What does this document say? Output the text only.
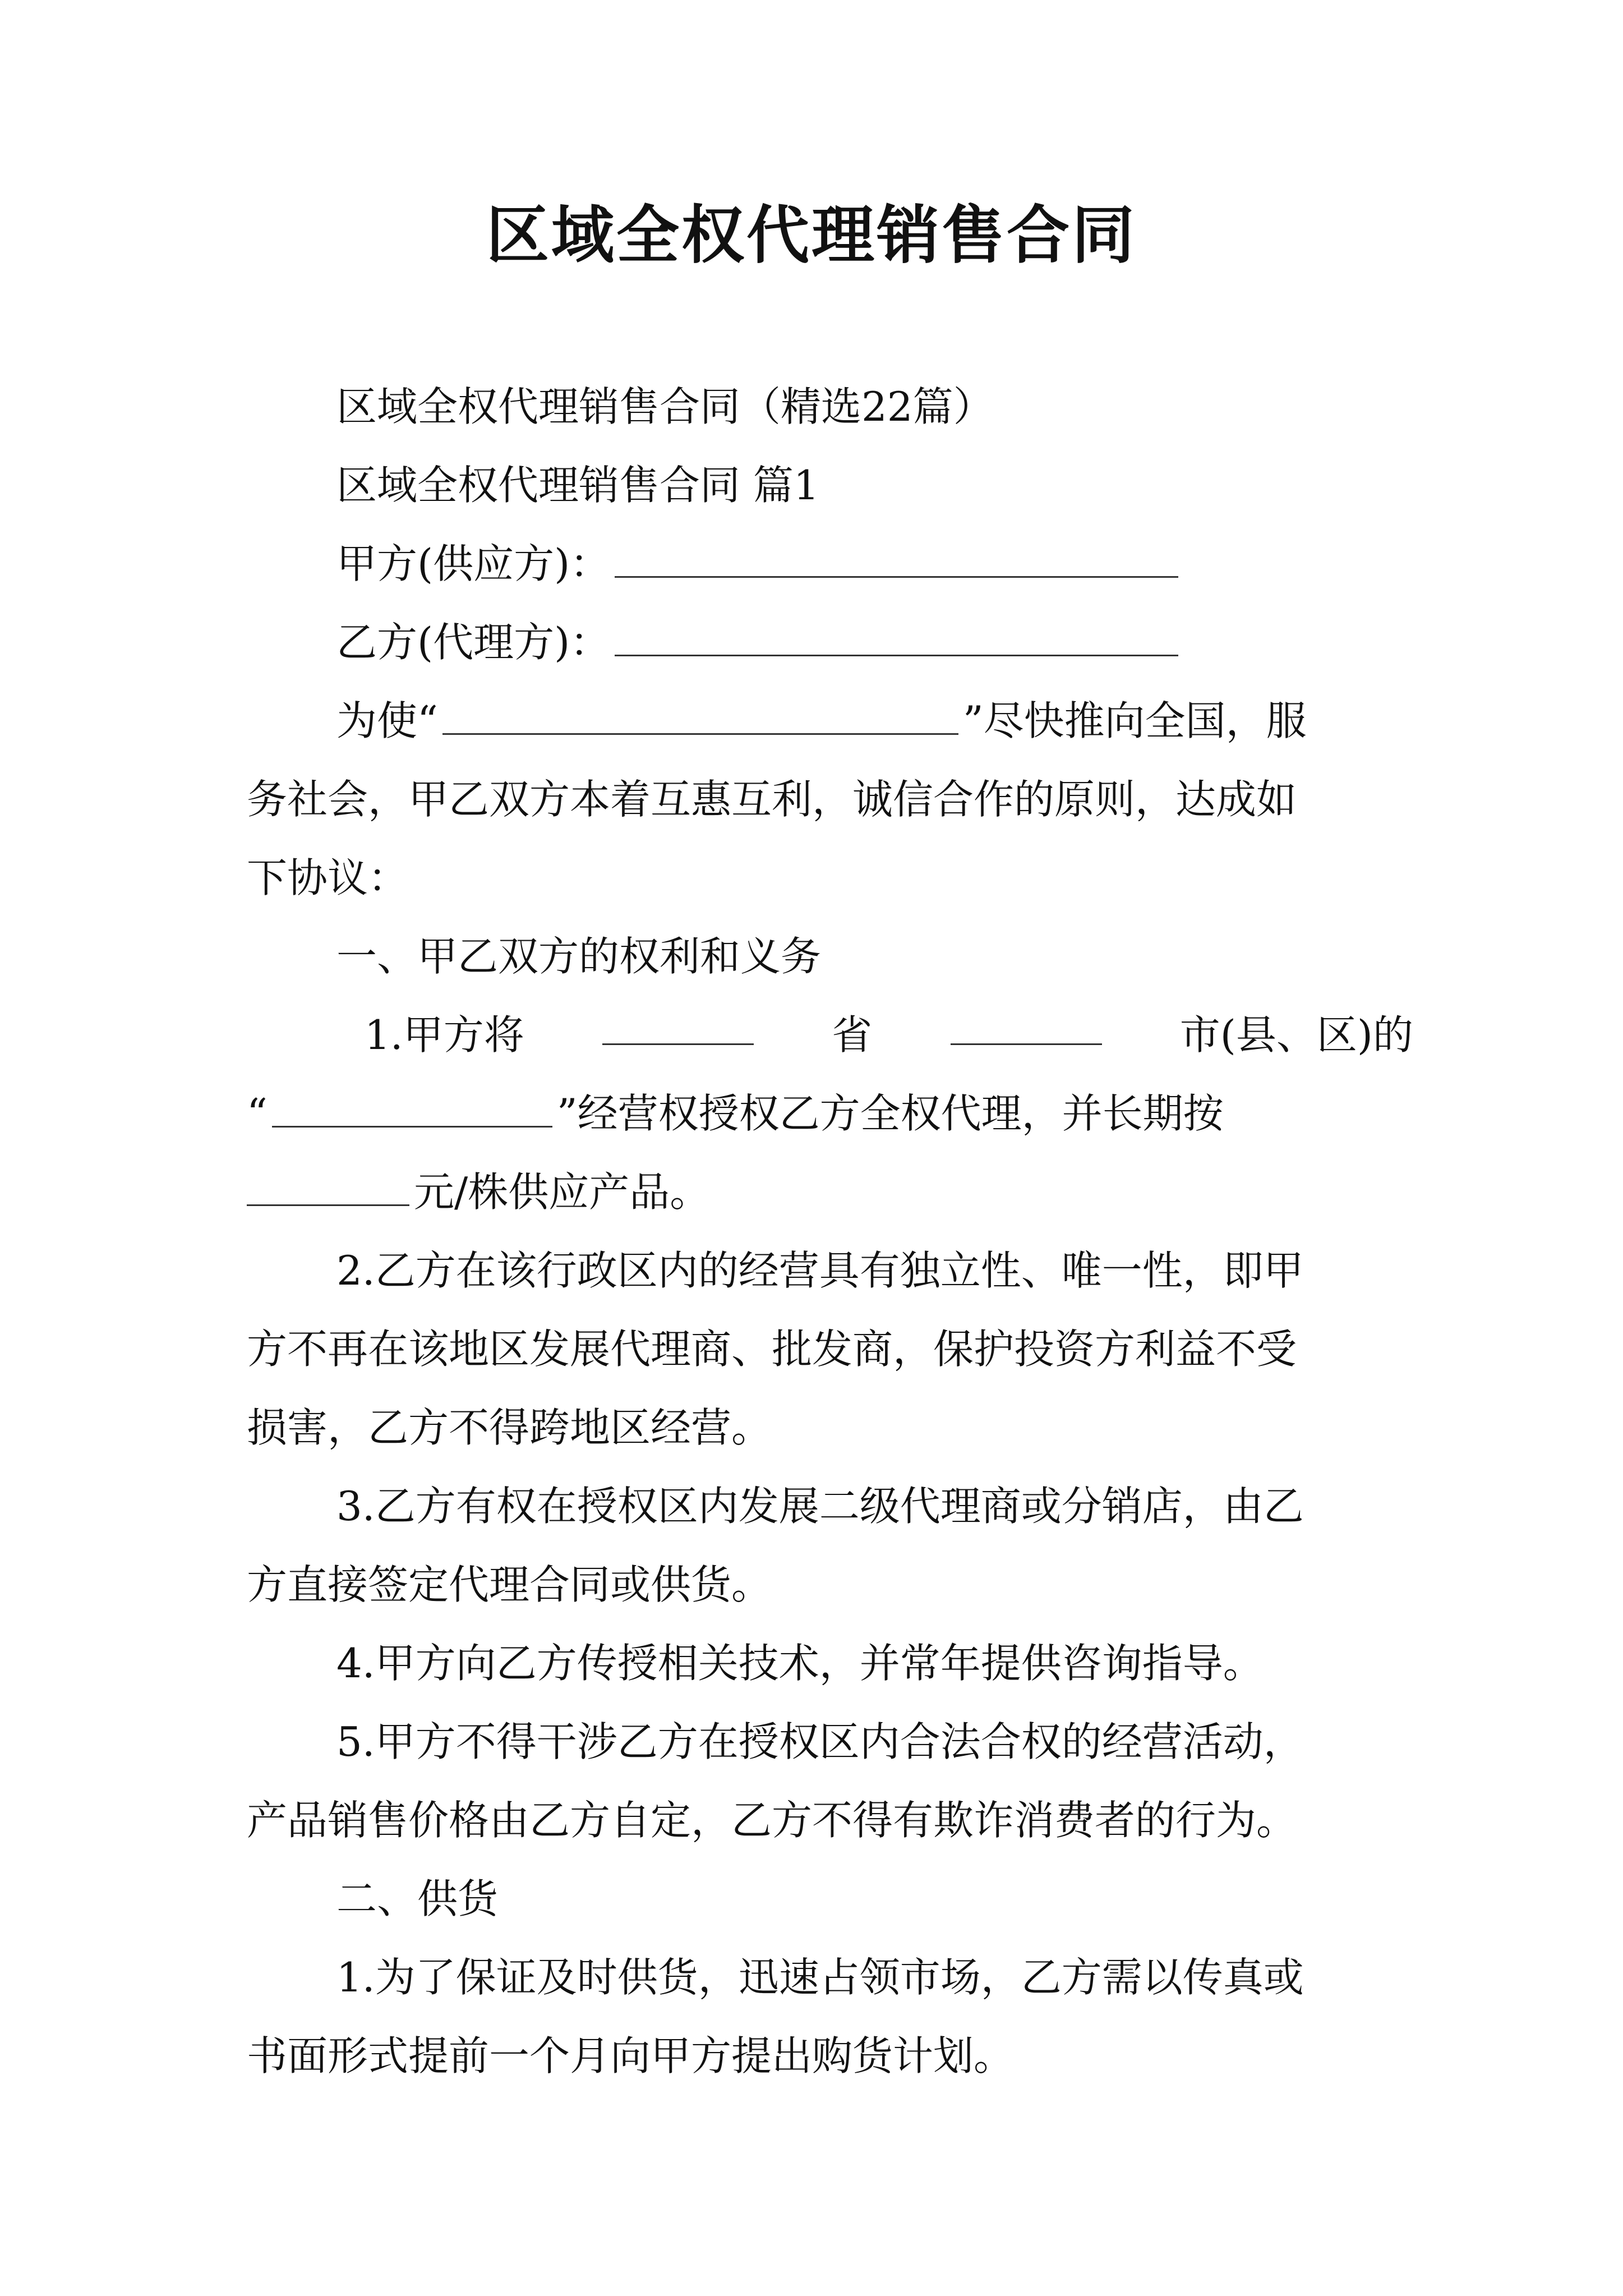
区域全权代理销售合同
区域全权代理销售合同（精选22篇）
区域全权代理销售合同 篇1
甲方(供应方)：
乙方(代理方)：
为使“	”尽快推向全国，服
务社会，甲乙双方本着互惠互利，诚信合作的原则，达成如
下协议：
一、甲乙双方的权利和义务
1.甲方将	省	市(县、区)的
“	”经营权授权乙方全权代理，并长期按
元/株供应产品。
2.乙方在该行政区内的经营具有独立性、唯一性，即甲
方不再在该地区发展代理商、批发商，保护投资方利益不受
损害，乙方不得跨地区经营。
3.乙方有权在授权区内发展二级代理商或分销店，由乙
方直接签定代理合同或供货。
4.甲方向乙方传授相关技术，并常年提供咨询指导。
5.甲方不得干涉乙方在授权区内合法合权的经营活动，
产品销售价格由乙方自定，乙方不得有欺诈消费者的行为。
二、供货
1.为了保证及时供货，迅速占领市场，乙方需以传真或
书面形式提前一个月向甲方提出购货计划。
